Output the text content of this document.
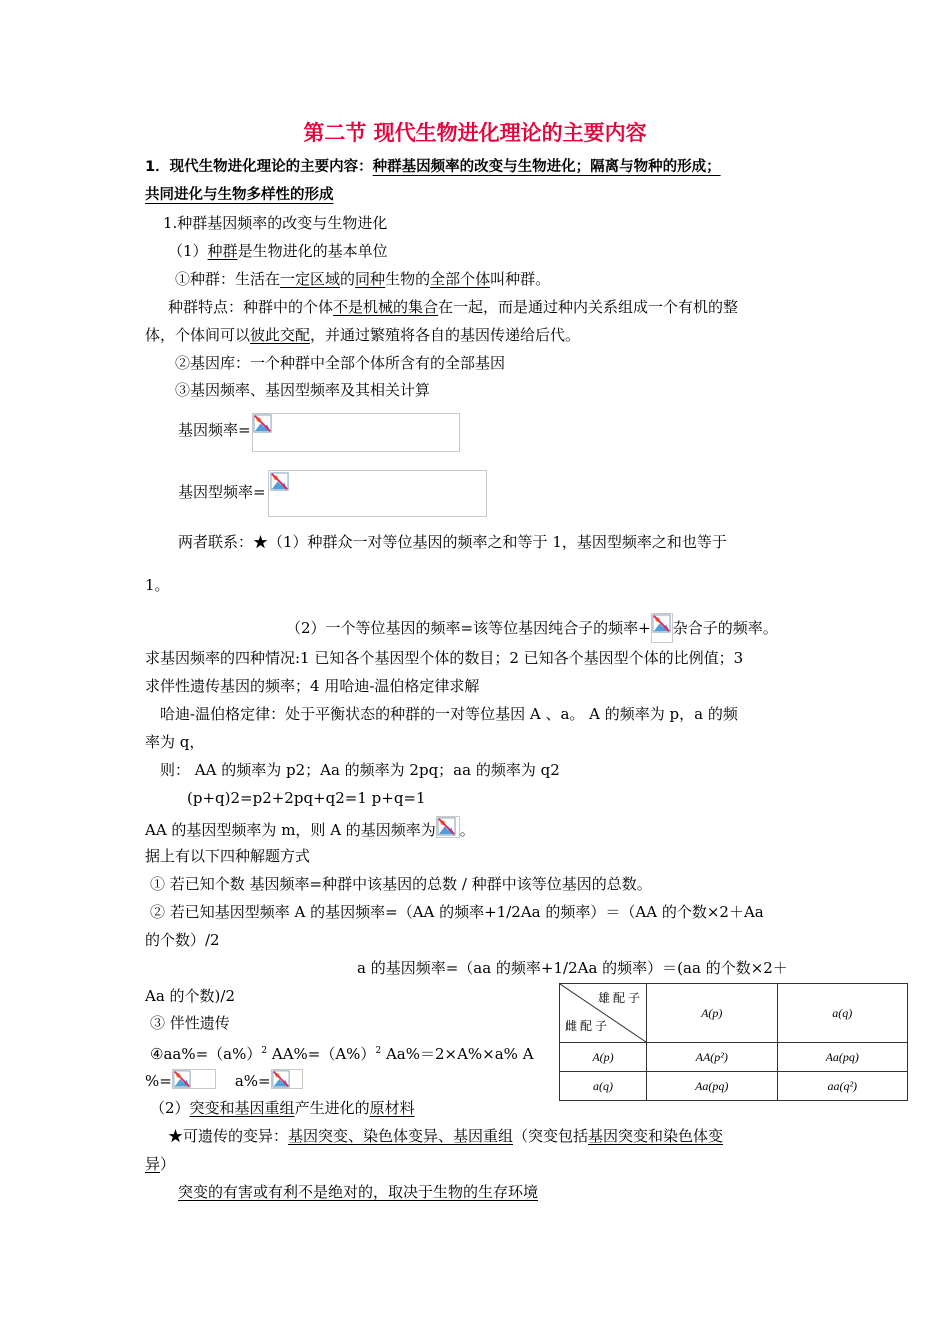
第二节 现代生物进化理论的主要内容
1．现代生物进化理论的主要内容：种群基因频率的改变与生物进化；隔离与物种的形成；
共同进化与生物多样性的形成
1.种群基因频率的改变与生物进化
（1）种群是生物进化的基本单位
①种群：生活在一定区域的同种生物的全部个体叫种群。
种群特点：种群中的个体不是机械的集合在一起，而是通过种内关系组成一个有机的整
体，个体间可以彼此交配，并通过繁殖将各自的基因传递给后代。
②基因库：一个种群中全部个体所含有的全部基因
③基因频率、基因型频率及其相关计算
基因频率=
基因型频率=
两者联系：★（1）种群众一对等位基因的频率之和等于 1，基因型频率之和也等于
1。
（2）一个等位基因的频率=该等位基因纯合子的频率+ 杂合子的频率。
求基因频率的四种情况:1 已知各个基因型个体的数目；2 已知各个基因型个体的比例值；3
求伴性遗传基因的频率；4 用哈迪-温伯格定律求解
哈迪-温伯格定律：处于平衡状态的种群的一对等位基因 A 、a。 A 的频率为 p，a 的频
率为 q，
则： AA 的频率为 p2；Aa 的频率为 2pq；aa 的频率为 q2
(p+q)2=p2+2pq+q2=1 p+q=1
AA 的基因型频率为 m，则 A 的基因频率为 。
据上有以下四种解题方式
① 若已知个数 基因频率=种群中该基因的总数 / 种群中该等位基因的总数。
② 若已知基因型频率 A 的基因频率=（AA 的频率+1/2Aa 的频率）＝（AA 的个数×2＋Aa
的个数）/2
a 的基因频率=（aa 的频率+1/2Aa 的频率）＝(aa 的个数×2＋
Aa 的个数)/2
③ 伴性遗传
$④aa\%=(a\%)^2$ $AA\%=(A\%)^2$ Aa%＝2×A%×a% A
%=	a%=
（2）突变和基因重组产生进化的原材料
★可遗传的变异：基因突变、染色体变异、基因重组（突变包括基因突变和染色体变
异）
突变的有害或有利不是绝对的，取决于生物的生存环境
雄 配 子
雌 配 子	A(p)	a(q)
A(p)	AA(p²)	Aa(pq)
a(q)	Aa(pq)	aa(q²)
